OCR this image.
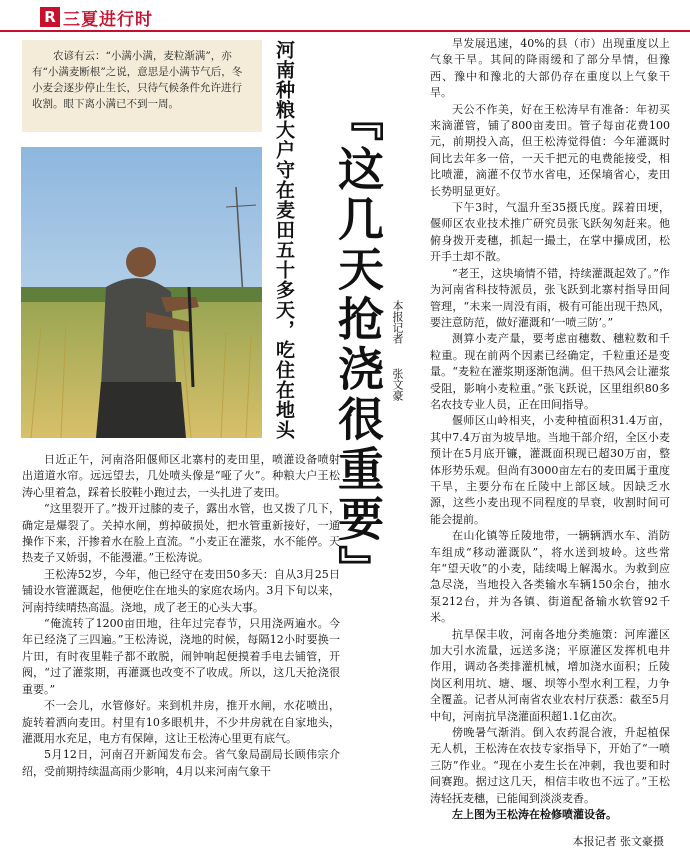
R 三夏进行时
农谚有云：“小满小满，麦粒渐满”，亦有“小满麦断根”之说，意思是小满节气后，冬小麦会逐步停止生长，只待气候条件允许进行收割。眼下离小满已不到一周。	河南种粮大户守在麦田五十多天，吃住在地头 『这几天抢浇很重要』 本报记者 张文豪

日近正午，河南洛阳偃师区北寨村的麦田里，喷灌设备喷射出道道水帘。远远望去，几处喷头像是“哑了火”。种粮大户王松涛心里着急，踩着长胶鞋小跑过去，一头扎进了麦田。

“这里裂开了。”拨开过膝的麦子，露出水管，也又拨了几下，确定是爆裂了。关掉水闸，剪掉破损处，把水管重新接好，一通操作下来，汗掺着水在脸上直流。“小麦正在灌浆，水不能停。天热麦子又娇弱，不能漫灌。”王松涛说。

王松涛52岁，今年，他已经守在麦田50多天：自从3月25日铺设水管灌溉起，他便吃住在地头的家庭农场内。3月下旬以来，河南持续晴热高温。浇地，成了老王的心头大事。

“俺流转了1200亩田地，往年过完春节，只用浇两遍水。今年已经浇了三四遍。”王松涛说，浇地的时候，每隔12小时要换一片田，有时夜里鞋子都不敢脱，闹钟响起便摸着手电去铺管，开阀，“过了灌浆期，再灌溉也改变不了收成。所以，这几天抢浇很重要。”

不一会儿，水管修好。来到机井房，推开水闸，水花喷出，旋转着洒向麦田。村里有10多眼机井，不少井房就在自家地头，灌溉用水充足，电方有保障，这让王松涛心里更有底气。

5月12日，河南召开新闻发布会。省气象局副局长顾伟宗介绍，受前期持续温高雨少影响，4月以来河南气象干

旱发展迅速，40%的县（市）出现重度以上气象干旱。其间的降雨缓和了部分旱情，但豫西、豫中和豫北的大部仍存在重度以上气象干旱。

天公不作美，好在王松涛早有准备：年初买来滴灌管，铺了800亩麦田。管子每亩花费100元，前期投入高，但王松涛觉得值：今年灌溉时间比去年多一倍，一天千把元的电费能接受，相比喷灌，滴灌不仅节水省电，还保墒省心，麦田长势明显更好。

下午3时，气温升至35摄氏度。踩着田埂，偃师区农业技术推广研究员张飞跃匆匆赶来。他俯身拨开麦穗，抓起一撮土，在掌中攥成团，松开手土却不散。

“老王，这块墒情不错，持续灌溉起效了。”作为河南省科技特派员，张飞跃到北寨村指导田间管理，“未来一周没有雨，极有可能出现干热风，要注意防范，做好灌溉和‘一喷三防’。”

测算小麦产量，要考虑亩穗数、穗粒数和千粒重。现在前两个因素已经确定，千粒重还是变量。“麦粒在灌浆期逐渐饱满。但干热风会让灌浆受阻，影响小麦粒重。”张飞跃说，区里组织80多名农技专业人员，正在田间指导。

偃师区山岭相夹，小麦种植面积31.4万亩，其中7.4万亩为坡旱地。当地干部介绍，全区小麦预计在5月底开镰，灌溉面积现已超30万亩，整体形势乐观。但尚有3000亩左右的麦田属于重度干旱，主要分布在丘陵中上部区域。因缺乏水源，这些小麦出现不同程度的旱衰，收割时间可能会提前。

在山化镇等丘陵地带，一辆辆洒水车、消防车组成“移动灌溉队”，将水送到坡岭。这些常年“望天收”的小麦，陆续喝上解渴水。为救到应急尽浇，当地投入各类输水车辆150余台，抽水泵212台，并为各镇、街道配备输水软管92千米。

抗旱保丰收，河南各地分类施策：河库灌区加大引水流量，远送多浇；平原灌区发挥机电井作用，调动各类排灌机械，增加浇水面积；丘陵岗区利用坑、塘、堰、坝等小型水利工程，力争全覆盖。记者从河南省农业农村厅获悉：截至5月中旬，河南抗旱浇灌面积超1.1亿亩次。

傍晚暑气渐消。倒入农药混合液，升起植保无人机，王松涛在农技专家指导下，开始了“一喷三防”作业。“现在小麦生长在冲刺，我也要和时间赛跑。据过这几天，相信丰收也不远了。”王松涛轻抚麦穗，已能闻到淡淡麦香。

左上图为王松涛在检修喷灌设备。

本报记者 张文豪摄
